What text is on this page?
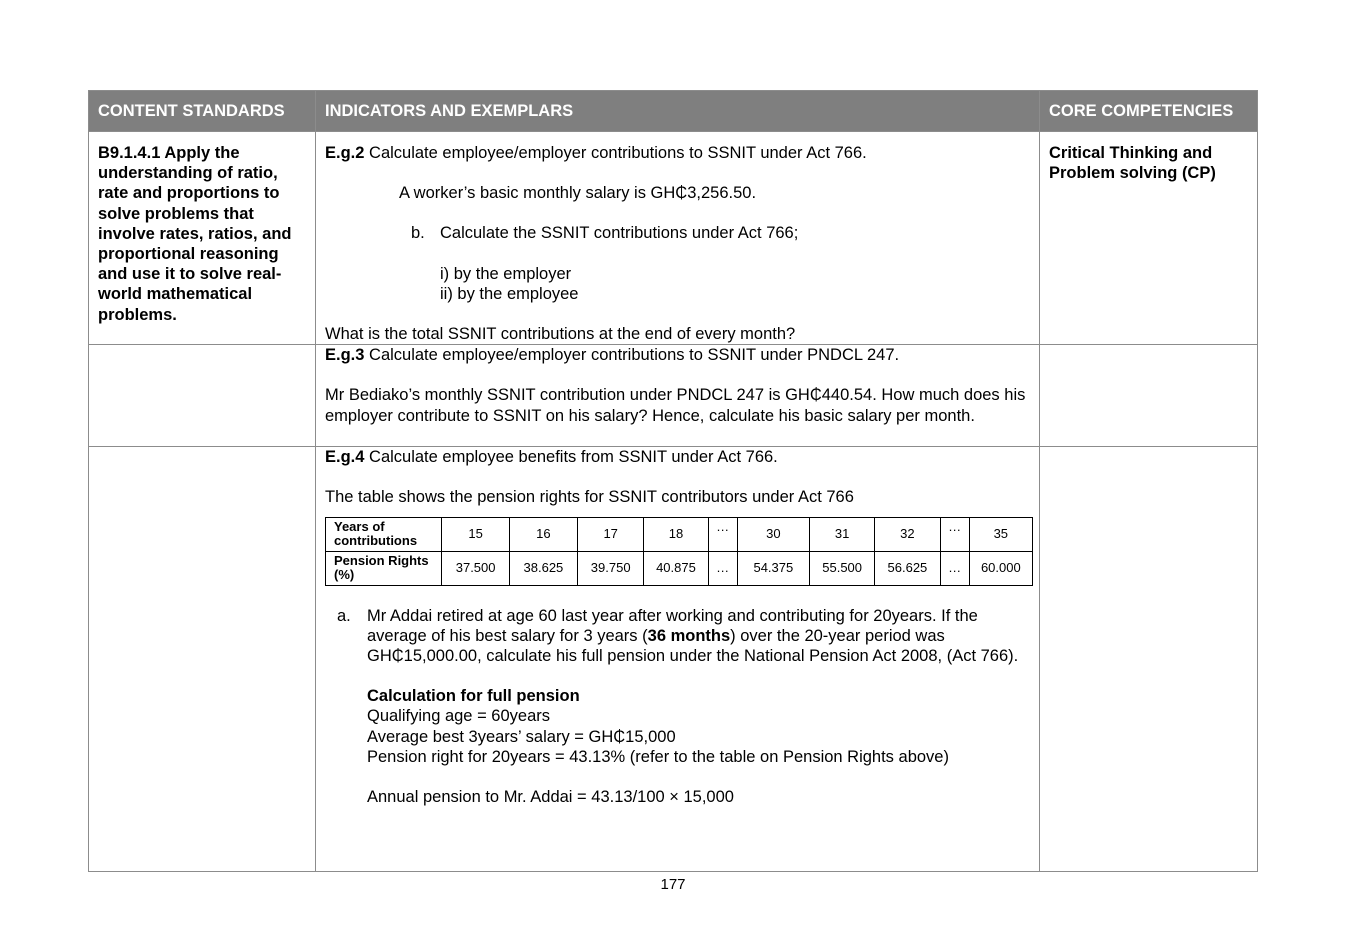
CONTENT STANDARDS	INDICATORS AND EXEMPLARS	CORE COMPETENCIES

B9.1.4.1 Apply the understanding of ratio, rate and proportions to solve problems that involve rates, ratios, and proportional reasoning and use it to solve real-world mathematical problems.

E.g.2 Calculate employee/employer contributions to SSNIT under Act 766.

A worker’s basic monthly salary is GH₵3,256.50.

b. Calculate the SSNIT contributions under Act 766;

i) by the employer

ii) by the employee

What is the total SSNIT contributions at the end of every month?

Critical Thinking and Problem solving (CP)

E.g.3 Calculate employee/employer contributions to SSNIT under PNDCL 247.

Mr Bediako’s monthly SSNIT contribution under PNDCL 247 is GH₵440.54. How much does his employer contribute to SSNIT on his salary? Hence, calculate his basic salary per month.

E.g.4 Calculate employee benefits from SSNIT under Act 766.

The table shows the pension rights for SSNIT contributors under Act 766

Years of contributions	15	16	17	18	…	30	31	32	…	35
Pension Rights (%)	37.500	38.625	39.750	40.875	…	54.375	55.500	56.625	…	60.000
a. Mr Addai retired at age 60 last year after working and contributing for 20years. If the average of his best salary for 3 years (36 months) over the 20-year period was GH₵15,000.00, calculate his full pension under the National Pension Act 2008, (Act 766).

Calculation for full pension

Qualifying age = 60years

Average best 3years’ salary = GH₵15,000

Pension right for 20years = 43.13% (refer to the table on Pension Rights above)

Annual pension to Mr. Addai = 43.13/100 × 15,000

177
